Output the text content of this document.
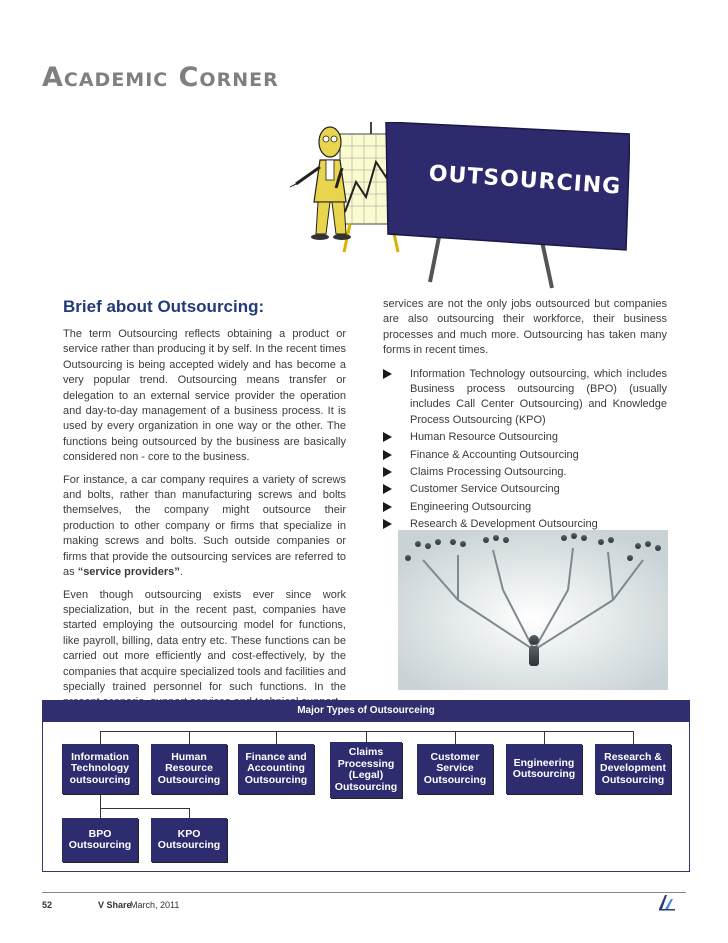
Academic Corner
OUTSOURCING
Brief about Outsourcing:

The term Outsourcing reflects obtaining a product or service rather than producing it by self. In the recent times Outsourcing is being accepted widely and has become a very popular trend. Outsourcing means transfer or delegation to an external service provider the operation and day-to-day management of a business process. It is used by every organization in one way or the other. The functions being outsourced by the business are basically considered non - core to the business.

For instance, a car company requires a variety of screws and bolts, rather than manufacturing screws and bolts themselves, the company might outsource their production to other company or firms that specialize in making screws and bolts. Such outside companies or firms that provide the outsourcing services are referred to as “service providers”.

Even though outsourcing exists ever since work specialization, but in the recent past, companies have started employing the outsourcing model for functions, like payroll, billing, data entry etc. These functions can be carried out more efficiently and cost-effectively, by the companies that acquire specialized tools and facilities and specially trained personnel for such functions. In the

services are not the only jobs outsourced but companies are also outsourcing their workforce, their business processes and much more. Outsourcing has taken many forms in recent times.

Information Technology outsourcing, which includes Business process outsourcing (BPO) (usually includes Call Center Outsourcing) and Knowledge Process Outsourcing (KPO)
Human Resource Outsourcing
Finance & Accounting Outsourcing
Claims Processing Outsourcing.
Customer Service Outsourcing
Engineering Outsourcing
Research & Development Outsourcing
Major Types of Outsourceing
Information
Technology
outsourcing
Human
Resource
Outsourcing
Finance and
Accounting
Outsourcing
Claims
Processing
(Legal)
Outsourcing
Customer
Service
Outsourcing
Engineering
Outsourcing
Research &
Development
Outsourcing
BPO
Outsourcing
KPO
Outsourcing
52	V Share
March, 2011
